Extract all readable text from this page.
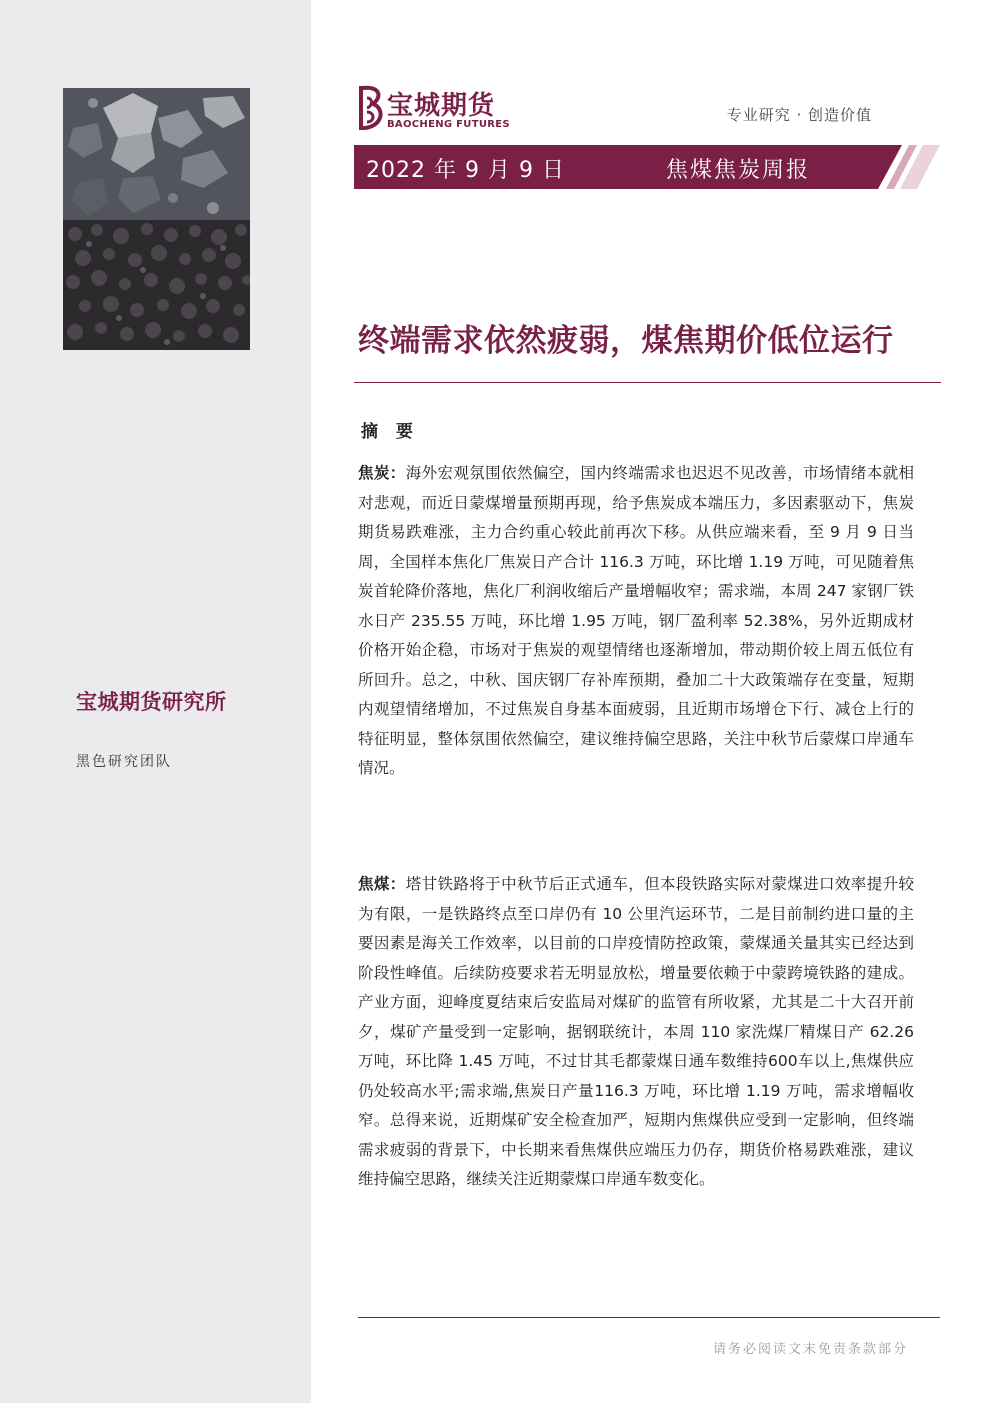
宝城期货研究所
黑色研究团队
宝城期货
BAOCHENG FUTURES
专业研究 · 创造价值
2022 年 9 月 9 日	焦煤焦炭周报
终端需求依然疲弱，煤焦期价低位运行
摘 要

焦炭：海外宏观氛围依然偏空，国内终端需求也迟迟不见改善，市场情绪本就相对悲观，而近日蒙煤增量预期再现，给予焦炭成本端压力，多因素驱动下，焦炭期货易跌难涨，主力合约重心较此前再次下移。从供应端来看，至 9 月 9 日当周，全国样本焦化厂焦炭日产合计 116.3 万吨，环比增 1.19 万吨，可见随着焦炭首轮降价落地，焦化厂利润收缩后产量增幅收窄；需求端，本周 247 家钢厂铁水日产 235.55 万吨，环比增 1.95 万吨，钢厂盈利率 52.38%，另外近期成材价格开始企稳，市场对于焦炭的观望情绪也逐渐增加，带动期价较上周五低位有所回升。总之，中秋、国庆钢厂存补库预期，叠加二十大政策端存在变量，短期内观望情绪增加，不过焦炭自身基本面疲弱，且近期市场增仓下行、减仓上行的特征明显，整体氛围依然偏空，建议维持偏空思路，关注中秋节后蒙煤口岸通车情况。

焦煤：塔甘铁路将于中秋节后正式通车，但本段铁路实际对蒙煤进口效率提升较为有限，一是铁路终点至口岸仍有 10 公里汽运环节，二是目前制约进口量的主要因素是海关工作效率，以目前的口岸疫情防控政策，蒙煤通关量其实已经达到阶段性峰值。后续防疫要求若无明显放松，增量要依赖于中蒙跨境铁路的建成。产业方面，迎峰度夏结束后安监局对煤矿的监管有所收紧，尤其是二十大召开前夕，煤矿产量受到一定影响，据钢联统计，本周 110 家洗煤厂精煤日产 62.26 万吨，环比降 1.45 万吨，不过甘其毛都蒙煤日通车数维持600车以上,焦煤供应仍处较高水平;需求端,焦炭日产量116.3 万吨，环比增 1.19 万吨，需求增幅收窄。总得来说，近期煤矿安全检查加严，短期内焦煤供应受到一定影响，但终端需求疲弱的背景下，中长期来看焦煤供应端压力仍存，期货价格易跌难涨，建议维持偏空思路，继续关注近期蒙煤口岸通车数变化。

请务必阅读文末免责条款部分
